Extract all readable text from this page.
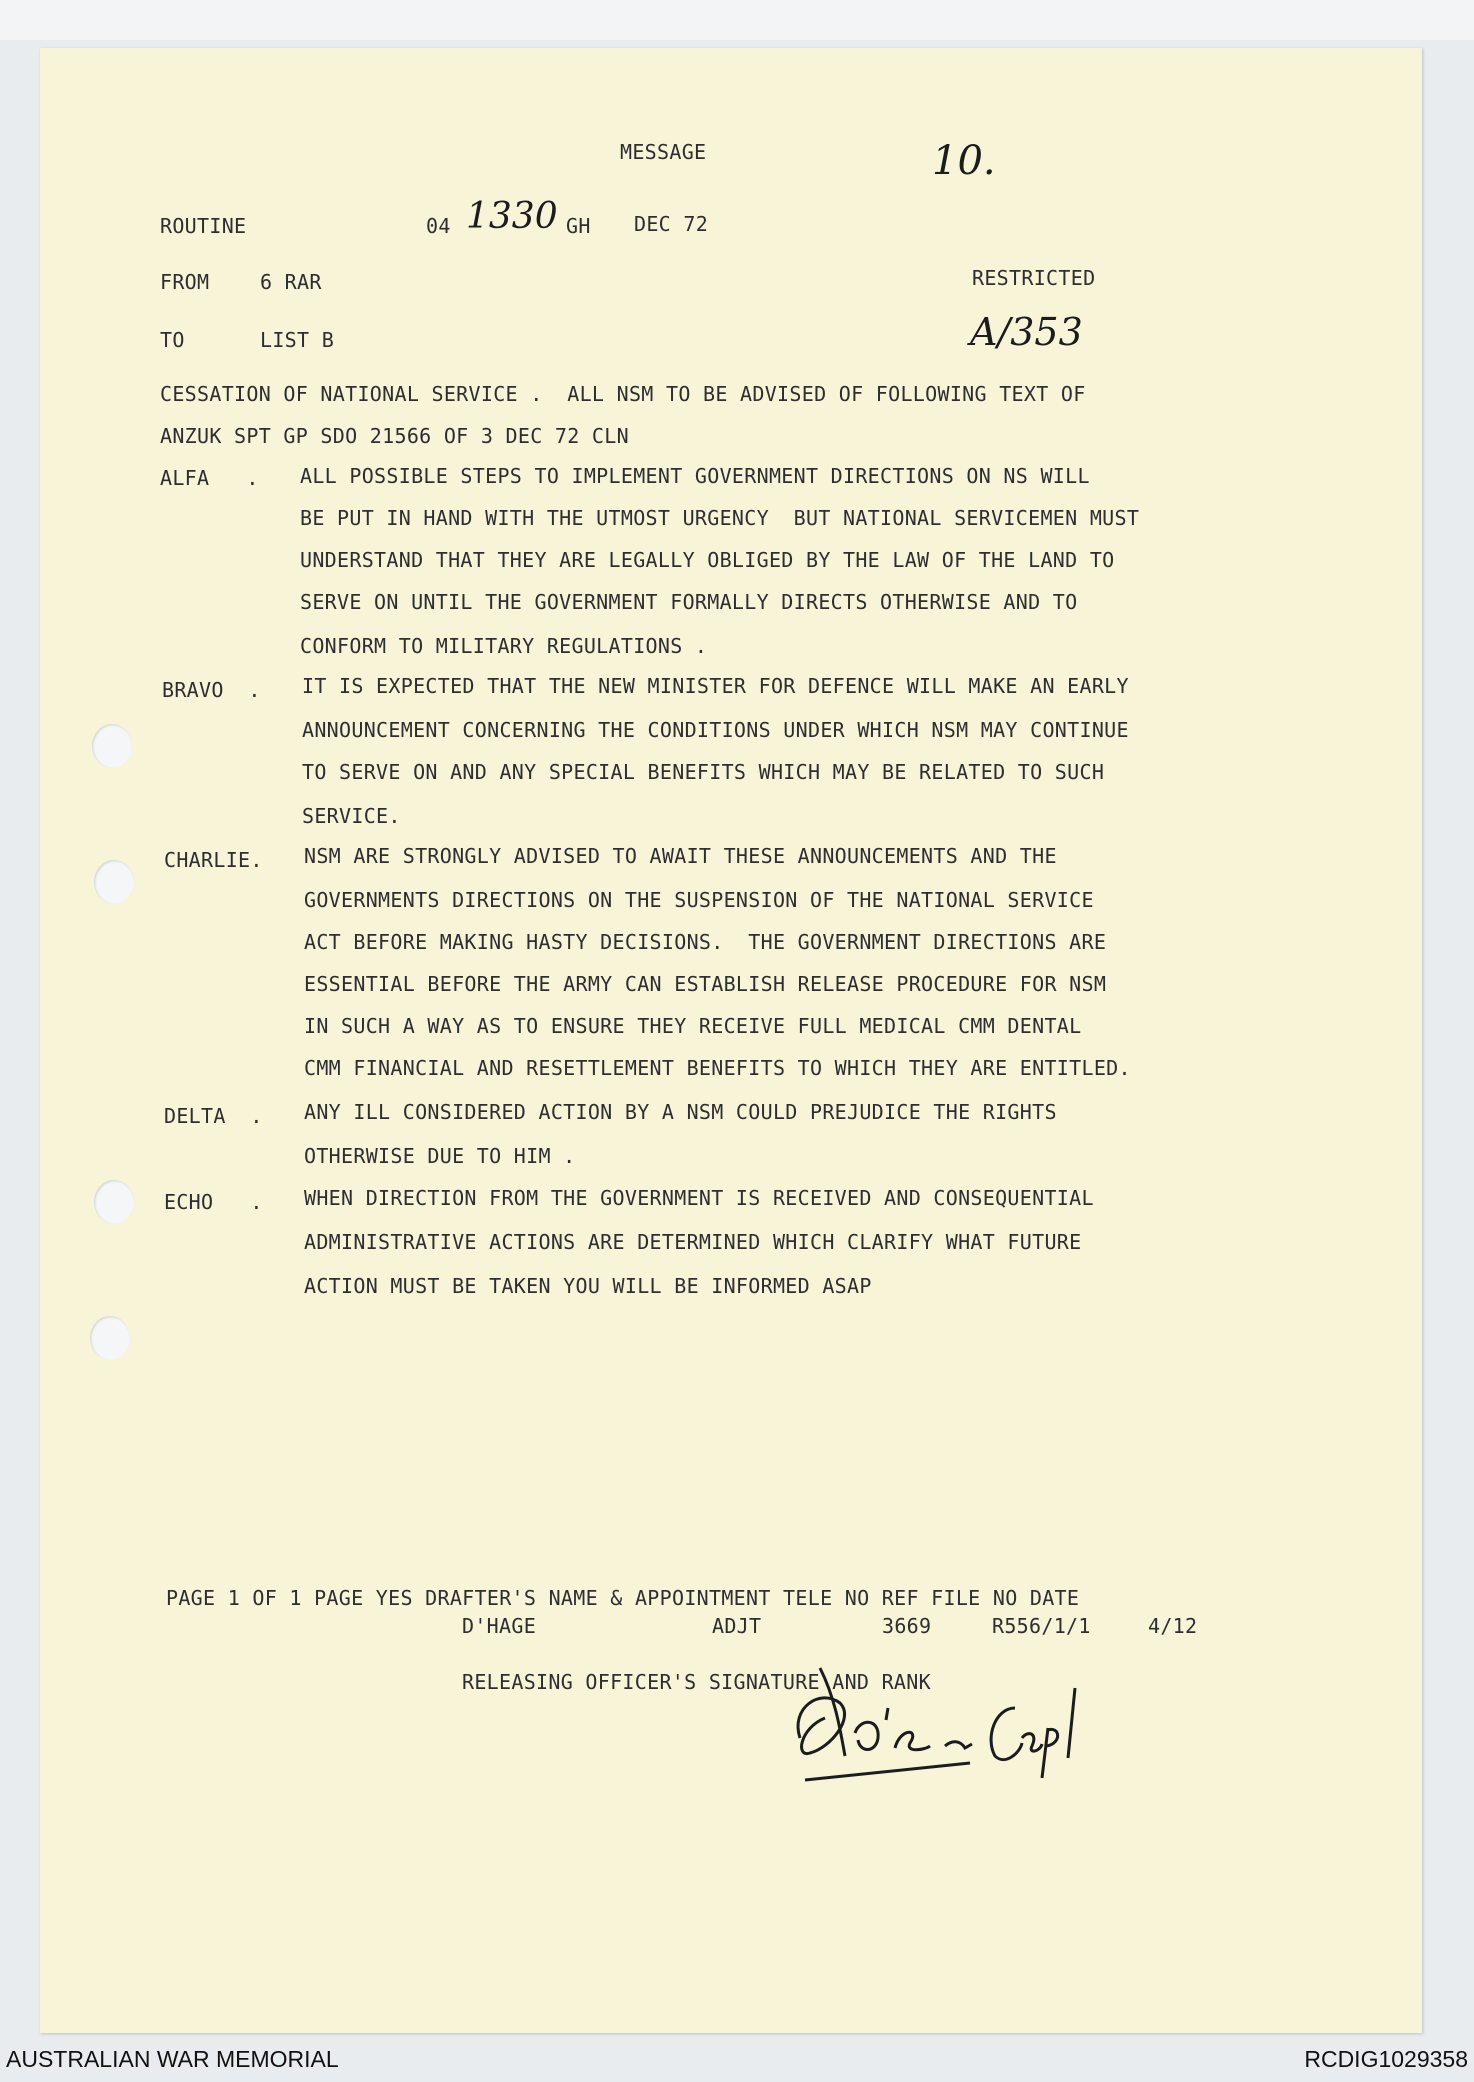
MESSAGE	10.
ROUTINE	04 1330 GH DEC 72
FROM	6 RAR	RESTRICTED
TO	LIST B	A/353
CESSATION OF NATIONAL SERVICE .  ALL NSM TO BE ADVISED OF FOLLOWING TEXT OF
ANZUK SPT GP SDO 21566 OF 3 DEC 72 CLN
ALFA   . ALL POSSIBLE STEPS TO IMPLEMENT GOVERNMENT DIRECTIONS ON NS WILL
BE PUT IN HAND WITH THE UTMOST URGENCY  BUT NATIONAL SERVICEMEN MUST
UNDERSTAND THAT THEY ARE LEGALLY OBLIGED BY THE LAW OF THE LAND TO
SERVE ON UNTIL THE GOVERNMENT FORMALLY DIRECTS OTHERWISE AND TO
CONFORM TO MILITARY REGULATIONS .
BRAVO  . IT IS EXPECTED THAT THE NEW MINISTER FOR DEFENCE WILL MAKE AN EARLY
ANNOUNCEMENT CONCERNING THE CONDITIONS UNDER WHICH NSM MAY CONTINUE
TO SERVE ON AND ANY SPECIAL BENEFITS WHICH MAY BE RELATED TO SUCH
SERVICE.
CHARLIE. NSM ARE STRONGLY ADVISED TO AWAIT THESE ANNOUNCEMENTS AND THE
GOVERNMENTS DIRECTIONS ON THE SUSPENSION OF THE NATIONAL SERVICE
ACT BEFORE MAKING HASTY DECISIONS.  THE GOVERNMENT DIRECTIONS ARE
ESSENTIAL BEFORE THE ARMY CAN ESTABLISH RELEASE PROCEDURE FOR NSM
IN SUCH A WAY AS TO ENSURE THEY RECEIVE FULL MEDICAL CMM DENTAL
CMM FINANCIAL AND RESETTLEMENT BENEFITS TO WHICH THEY ARE ENTITLED.
DELTA  . ANY ILL CONSIDERED ACTION BY A NSM COULD PREJUDICE THE RIGHTS
OTHERWISE DUE TO HIM .
ECHO   . WHEN DIRECTION FROM THE GOVERNMENT IS RECEIVED AND CONSEQUENTIAL
ADMINISTRATIVE ACTIONS ARE DETERMINED WHICH CLARIFY WHAT FUTURE
ACTION MUST BE TAKEN YOU WILL BE INFORMED ASAP
PAGE 1 OF 1 PAGE YES DRAFTER'S NAME & APPOINTMENT TELE NO REF FILE NO DATE
D'HAGE	ADJT	3669	R556/1/1	4/12
RELEASING OFFICER'S SIGNATURE AND RANK
AUSTRALIAN WAR MEMORIAL	RCDIG1029358
